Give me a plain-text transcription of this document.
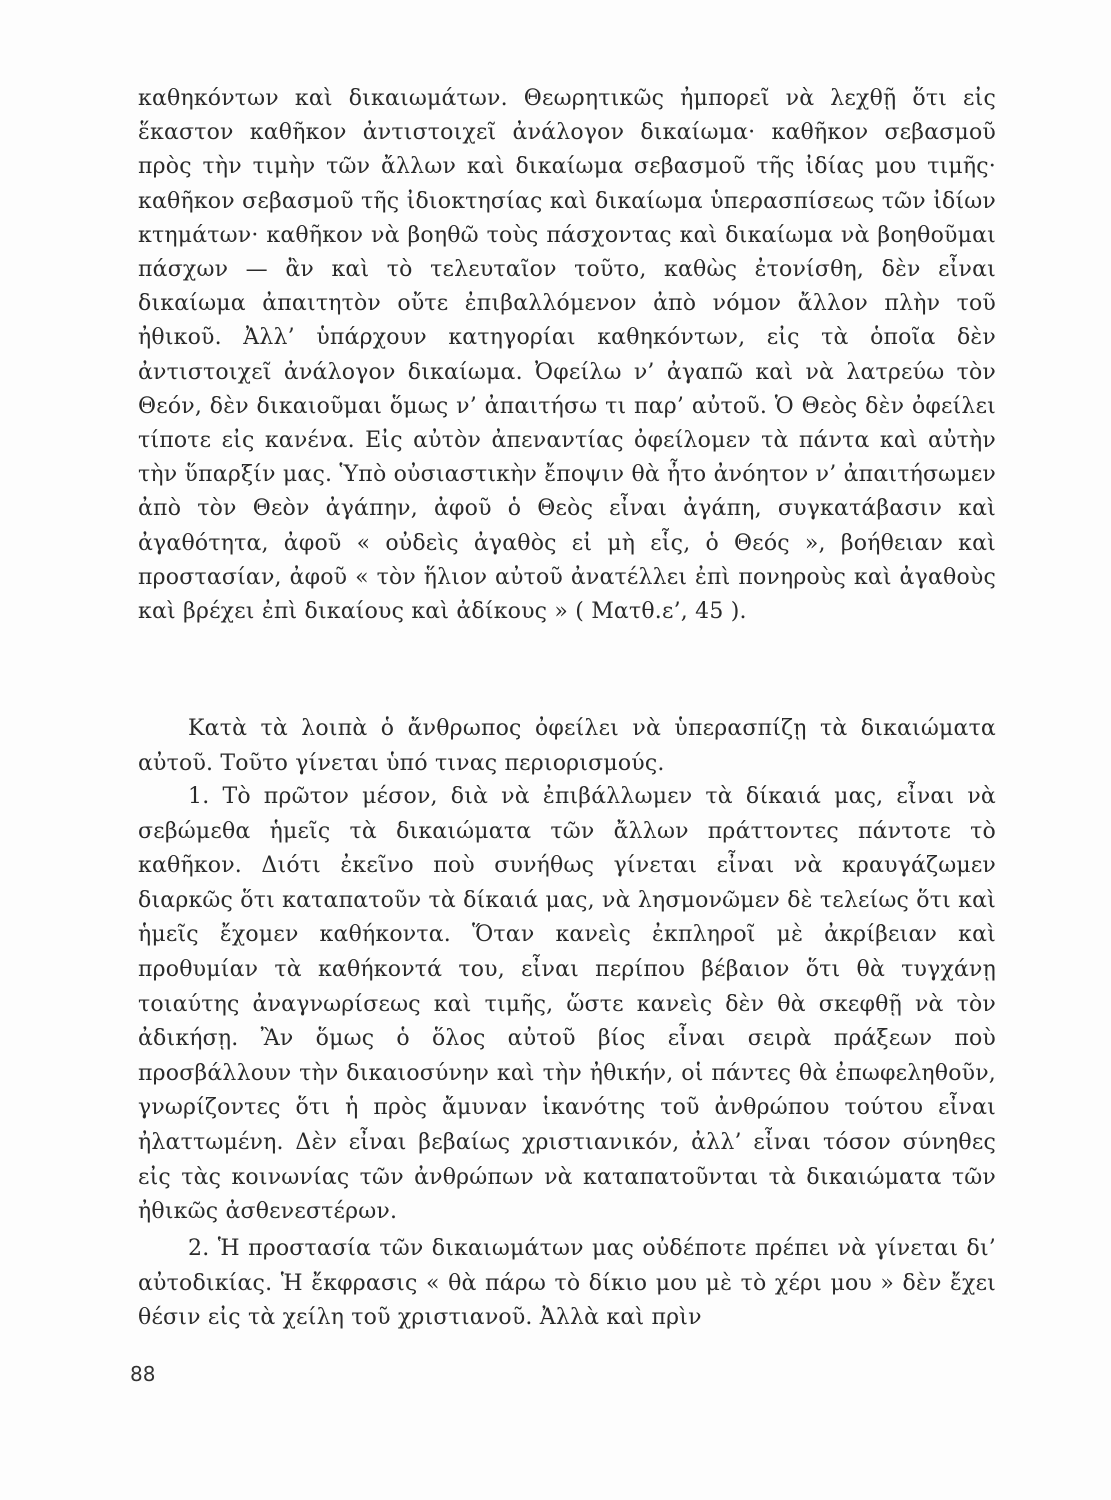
καθηκόντων καὶ δικαιωμάτων. Θεωρητικῶς ἠμπορεῖ νὰ λεχθῇ ὅτι εἰς ἕκαστον καθῆκον ἀντιστοιχεῖ ἀνάλογον δικαίωμα· καθῆκον σεβασμοῦ πρὸς τὴν τιμὴν τῶν ἄλλων καὶ δικαίωμα σεβασμοῦ τῆς ἰδίας μου τιμῆς· καθῆκον σεβασμοῦ τῆς ἰδιοκτησίας καὶ δικαίωμα ὑπερασπίσεως τῶν ἰδίων κτημάτων· καθῆκον νὰ βοηθῶ τοὺς πάσχοντας καὶ δικαίωμα νὰ βοηθοῦμαι πάσχων — ἂν καὶ τὸ τελευταῖον τοῦτο, καθὼς ἐτονίσθη, δὲν εἶναι δικαίωμα ἀπαιτητὸν οὔτε ἐπιβαλλόμενον ἀπὸ νόμον ἄλλον πλὴν τοῦ ἠθικοῦ. Ἀλλ’ ὑπάρχουν κατηγορίαι καθηκόντων, εἰς τὰ ὁποῖα δὲν ἀντιστοιχεῖ ἀνάλογον δικαίωμα. Ὀφείλω ν’ ἀγαπῶ καὶ νὰ λατρεύω τὸν Θεόν, δὲν δικαιοῦμαι ὅμως ν’ ἀπαιτήσω τι παρ’ αὐτοῦ. Ὁ Θεὸς δὲν ὀφείλει τίποτε εἰς κανένα. Εἰς αὐτὸν ἀπεναντίας ὀφείλομεν τὰ πάντα καὶ αὐτὴν τὴν ὕπαρξίν μας. Ὑπὸ οὐσιαστικὴν ἔποψιν θὰ ἦτο ἀνόητον ν’ ἀπαιτήσωμεν ἀπὸ τὸν Θεὸν ἀγάπην, ἀφοῦ ὁ Θεὸς εἶναι ἀγάπη, συγκατάβασιν καὶ ἀγαθότητα, ἀφοῦ « οὐδεὶς ἀγαθὸς εἰ μὴ εἷς, ὁ Θεός », βοήθειαν καὶ προστασίαν, ἀφοῦ « τὸν ἥλιον αὐτοῦ ἀνατέλλει ἐπὶ πονηροὺς καὶ ἀγαθοὺς καὶ βρέχει ἐπὶ δικαίους καὶ ἀδίκους » ( Ματθ.ε’, 45 ).

Κατὰ τὰ λοιπὰ ὁ ἄνθρωπος ὀφείλει νὰ ὑπερασπίζῃ τὰ δικαιώματα αὐτοῦ. Τοῦτο γίνεται ὑπό τινας περιορισμούς.

1. Τὸ πρῶτον μέσον, διὰ νὰ ἐπιβάλλωμεν τὰ δίκαιά μας, εἶναι νὰ σεβώμεθα ἡμεῖς τὰ δικαιώματα τῶν ἄλλων πράττοντες πάντοτε τὸ καθῆκον. Διότι ἐκεῖνο ποὺ συνήθως γίνεται εἶναι νὰ κραυγάζωμεν διαρκῶς ὅτι καταπατοῦν τὰ δίκαιά μας, νὰ λησμονῶμεν δὲ τελείως ὅτι καὶ ἡμεῖς ἔχομεν καθήκοντα. Ὅταν κανεὶς ἐκπληροῖ μὲ ἀκρίβειαν καὶ προθυμίαν τὰ καθήκοντά του, εἶναι περίπου βέβαιον ὅτι θὰ τυγχάνῃ τοιαύτης ἀναγνωρίσεως καὶ τιμῆς, ὥστε κανεὶς δὲν θὰ σκεφθῇ νὰ τὸν ἀδικήσῃ. Ἂν ὅμως ὁ ὅλος αὐτοῦ βίος εἶναι σειρὰ πράξεων ποὺ προσβάλλουν τὴν δικαιοσύνην καὶ τὴν ἠθικήν, οἱ πάντες θὰ ἐπωφεληθοῦν, γνωρίζοντες ὅτι ἡ πρὸς ἄμυναν ἱκανότης τοῦ ἀνθρώπου τούτου εἶναι ἠλαττωμένη. Δὲν εἶναι βεβαίως χριστιανικόν, ἀλλ’ εἶναι τόσον σύνηθες εἰς τὰς κοινωνίας τῶν ἀνθρώπων νὰ καταπατοῦνται τὰ δικαιώματα τῶν ἠθικῶς ἀσθενεστέρων.

2. Ἡ προστασία τῶν δικαιωμάτων μας οὐδέποτε πρέπει νὰ γίνεται δι’ αὐτοδικίας. Ἡ ἔκφρασις « θὰ πάρω τὸ δίκιο μου μὲ τὸ χέρι μου » δὲν ἔχει θέσιν εἰς τὰ χείλη τοῦ χριστιανοῦ. Ἀλλὰ καὶ πρὶν

88
